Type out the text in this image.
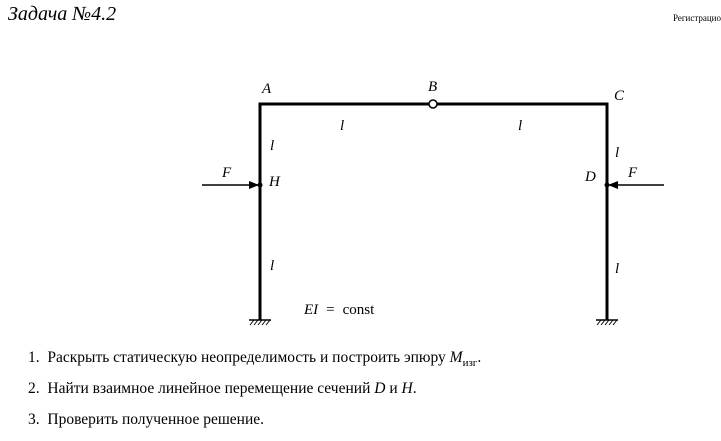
Задача №4.2	Регистрацио
A	B
C
H	D
F	F
l	l
l
l
l
l
EI = const
1. Раскрыть статическую неопределимость и построить эпюру $M_{изг}$.
2. Найти взаимное линейное перемещение сечений D и H.
3. Проверить полученное решение.
